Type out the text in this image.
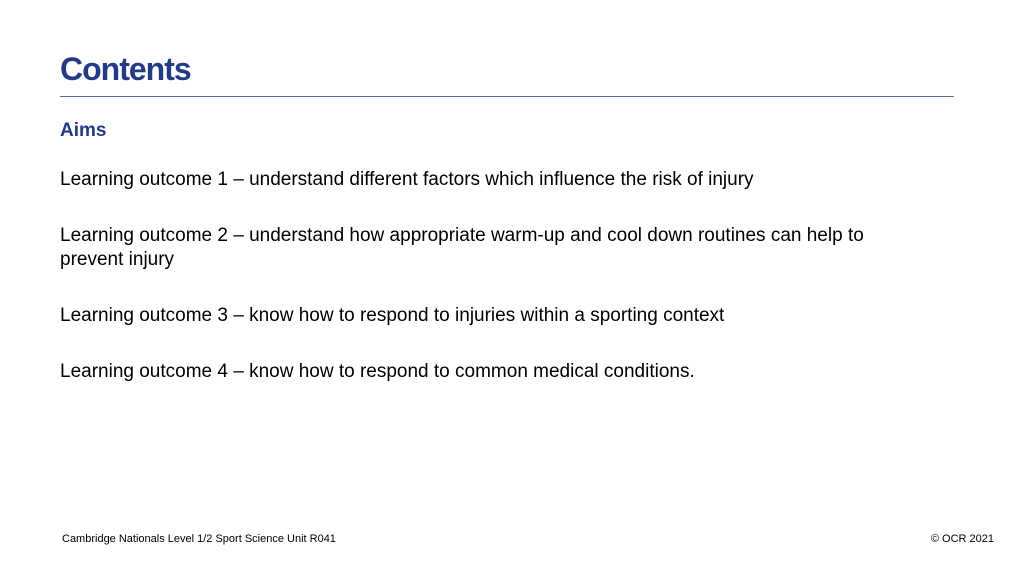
Contents
Aims

Learning outcome 1 – understand different factors which influence the risk of injury

Learning outcome 2 – understand how appropriate warm-up and cool down routines can help to prevent injury

Learning outcome 3 – know how to respond to injuries within a sporting context

Learning outcome 4 – know how to respond to common medical conditions.

Cambridge Nationals Level 1/2 Sport Science Unit R041	© OCR 2021
